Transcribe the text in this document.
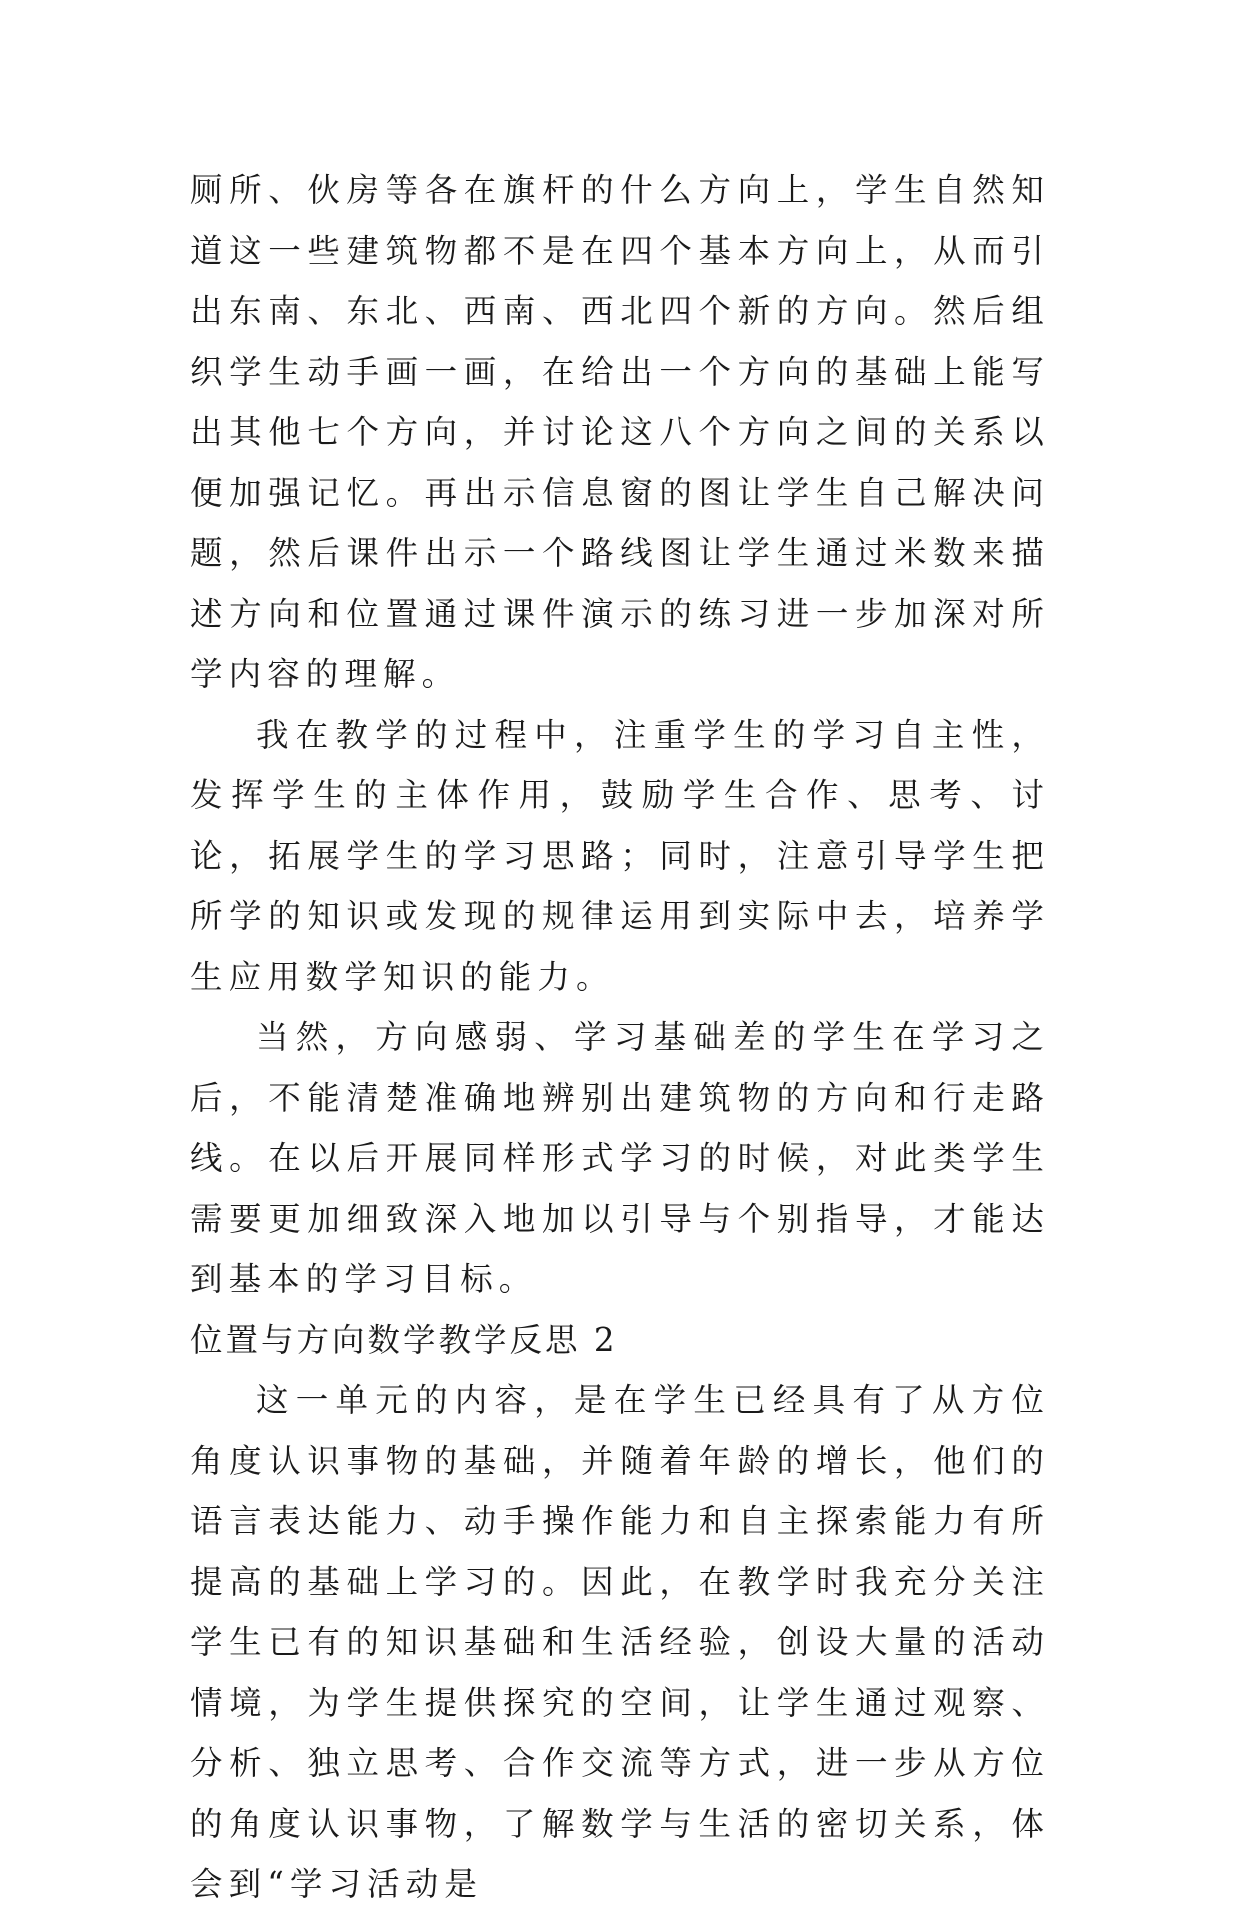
厕所、伙房等各在旗杆的什么方向上，学生自然知道这一些建筑物都不是在四个基本方向上，从而引出东南、东北、西南、西北四个新的方向。然后组织学生动手画一画，在给出一个方向的基础上能写出其他七个方向，并讨论这八个方向之间的关系以便加强记忆。再出示信息窗的图让学生自己解决问题，然后课件出示一个路线图让学生通过米数来描述方向和位置通过课件演示的练习进一步加深对所学内容的理解。

我在教学的过程中，注重学生的学习自主性，发挥学生的主体作用，鼓励学生合作、思考、讨论，拓展学生的学习思路；同时，注意引导学生把所学的知识或发现的规律运用到实际中去，培养学生应用数学知识的能力。

当然，方向感弱、学习基础差的学生在学习之后，不能清楚准确地辨别出建筑物的方向和行走路线。在以后开展同样形式学习的时候，对此类学生需要更加细致深入地加以引导与个别指导，才能达到基本的学习目标。

位置与方向数学教学反思 2

这一单元的内容，是在学生已经具有了从方位角度认识事物的基础，并随着年龄的增长，他们的语言表达能力、动手操作能力和自主探索能力有所提高的基础上学习的。因此，在教学时我充分关注学生已有的知识基础和生活经验，创设大量的活动情境，为学生提供探究的空间，让学生通过观察、分析、独立思考、合作交流等方式，进一步从方位的角度认识事物，了解数学与生活的密切关系，体会到“学习活动是
